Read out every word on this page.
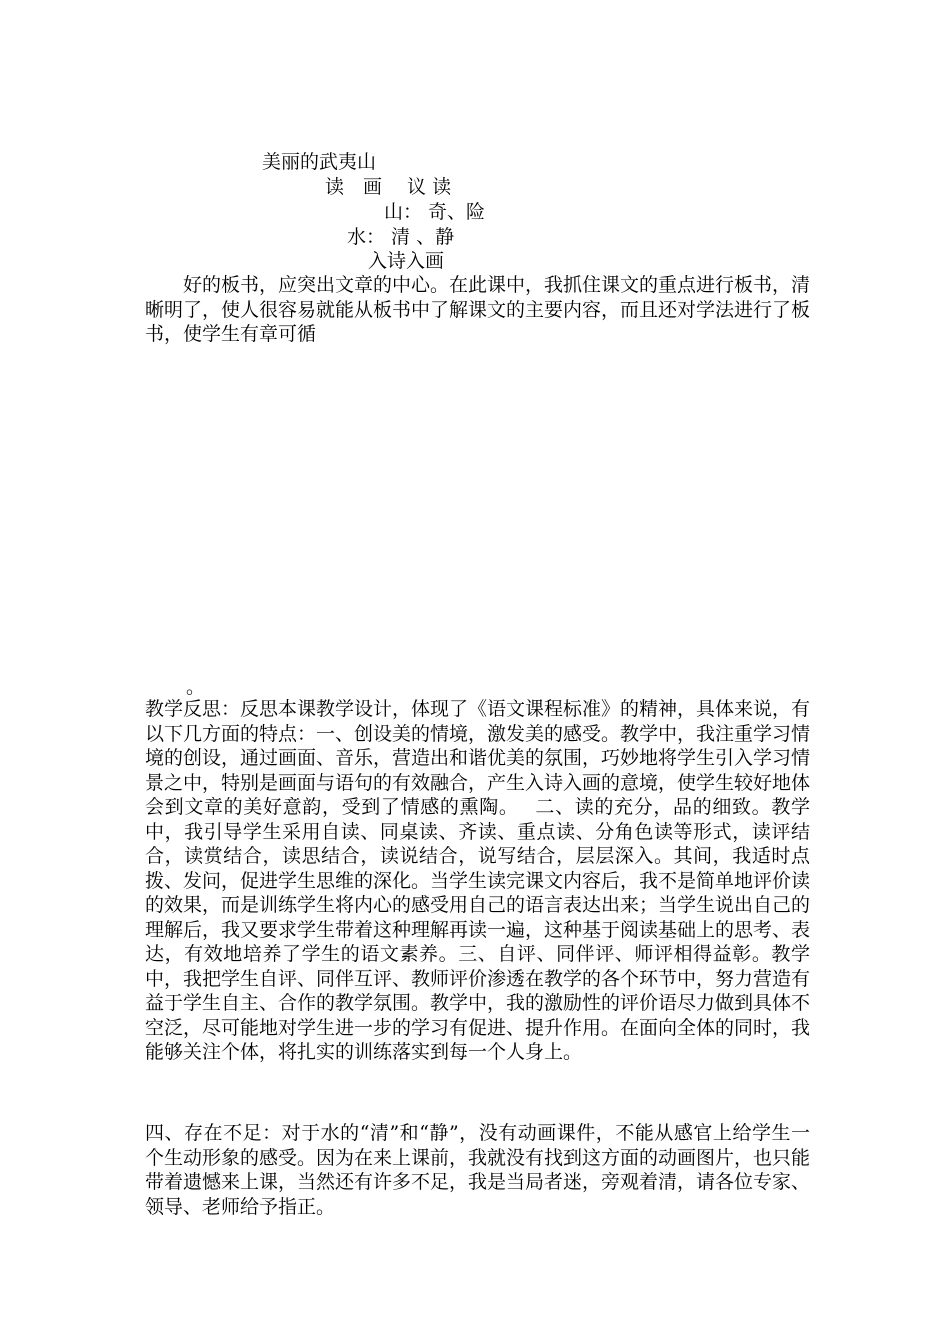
美丽的武夷山
读　画　 议 读
山： 奇、险
水： 清 、静
入诗入画
好的板书，应突出文章的中心。在此课中，我抓住课文的重点进行板书，清晰明了，使人很容易就能从板书中了解课文的主要内容，而且还对学法进行了板书，使学生有章可循
。
教学反思：反思本课教学设计，体现了《语文课程标准》的精神，具体来说，有以下几方面的特点：一、创设美的情境，激发美的感受。教学中，我注重学习情境的创设，通过画面、音乐，营造出和谐优美的氛围，巧妙地将学生引入学习情景之中，特别是画面与语句的有效融合，产生入诗入画的意境，使学生较好地体会到文章的美好意韵，受到了情感的熏陶。　 二、读的充分，品的细致。教学中，我引导学生采用自读、同桌读、齐读、重点读、分角色读等形式，读评结合，读赏结合，读思结合，读说结合，说写结合，层层深入。其间，我适时点拨、发问，促进学生思维的深化。当学生读完课文内容后，我不是简单地评价读的效果，而是训练学生将内心的感受用自己的语言表达出来；当学生说出自己的理解后，我又要求学生带着这种理解再读一遍，这种基于阅读基础上的思考、表达，有效地培养了学生的语文素养。三、自评、同伴评、师评相得益彰。教学中，我把学生自评、同伴互评、教师评价渗透在教学的各个环节中，努力营造有益于学生自主、合作的教学氛围。教学中，我的激励性的评价语尽力做到具体不空泛，尽可能地对学生进一步的学习有促进、提升作用。在面向全体的同时，我能够关注个体，将扎实的训练落实到每一个人身上。
四、存在不足：对于水的“清”和“静”，没有动画课件，不能从感官上给学生一个生动形象的感受。因为在来上课前，我就没有找到这方面的动画图片，也只能带着遗憾来上课，当然还有许多不足，我是当局者迷，旁观着清，请各位专家、领导、老师给予指正。
